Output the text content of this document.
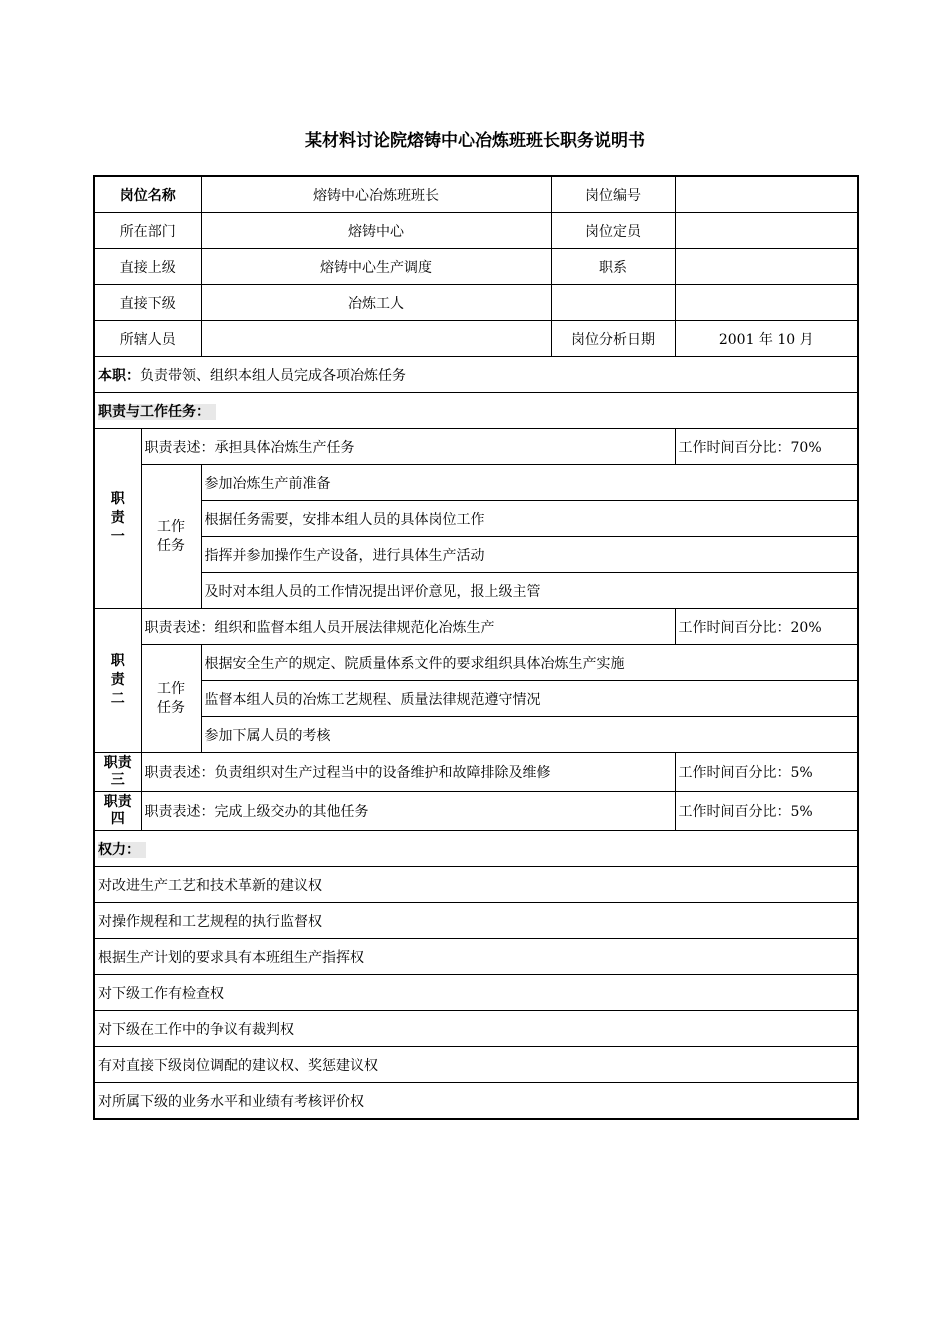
某材料讨论院熔铸中心冶炼班班长职务说明书
岗位名称		熔铸中心冶炼班班长	岗位编号	
所在部门		熔铸中心	岗位定员	
直接上级		熔铸中心生产调度	职系	
直接下级		冶炼工人		
所辖人员			岗位分析日期	2001 年 10 月
本职：负责带领、组织本组人员完成各项冶炼任务				
职责与工作任务：				
职责一	职责表述：承担具体冶炼生产任务			工作时间百分比：70%
	工作任务	参加冶炼生产前准备		
		根据任务需要，安排本组人员的具体岗位工作		
		指挥并参加操作生产设备，进行具体生产活动		
		及时对本组人员的工作情况提出评价意见，报上级主管		
职责二	职责表述：组织和监督本组人员开展法律规范化冶炼生产			工作时间百分比：20%
	工作任务	根据安全生产的规定、院质量体系文件的要求组织具体冶炼生产实施		
		监督本组人员的冶炼工艺规程、质量法律规范遵守情况		
		参加下属人员的考核		
职责三	职责表述：负责组织对生产过程当中的设备维护和故障排除及维修			工作时间百分比：5%
职责四	职责表述：完成上级交办的其他任务			工作时间百分比：5%
权力：				
对改进生产工艺和技术革新的建议权				
对操作规程和工艺规程的执行监督权				
根据生产计划的要求具有本班组生产指挥权				
对下级工作有检查权				
对下级在工作中的争议有裁判权				
有对直接下级岗位调配的建议权、奖惩建议权				
对所属下级的业务水平和业绩有考核评价权				
